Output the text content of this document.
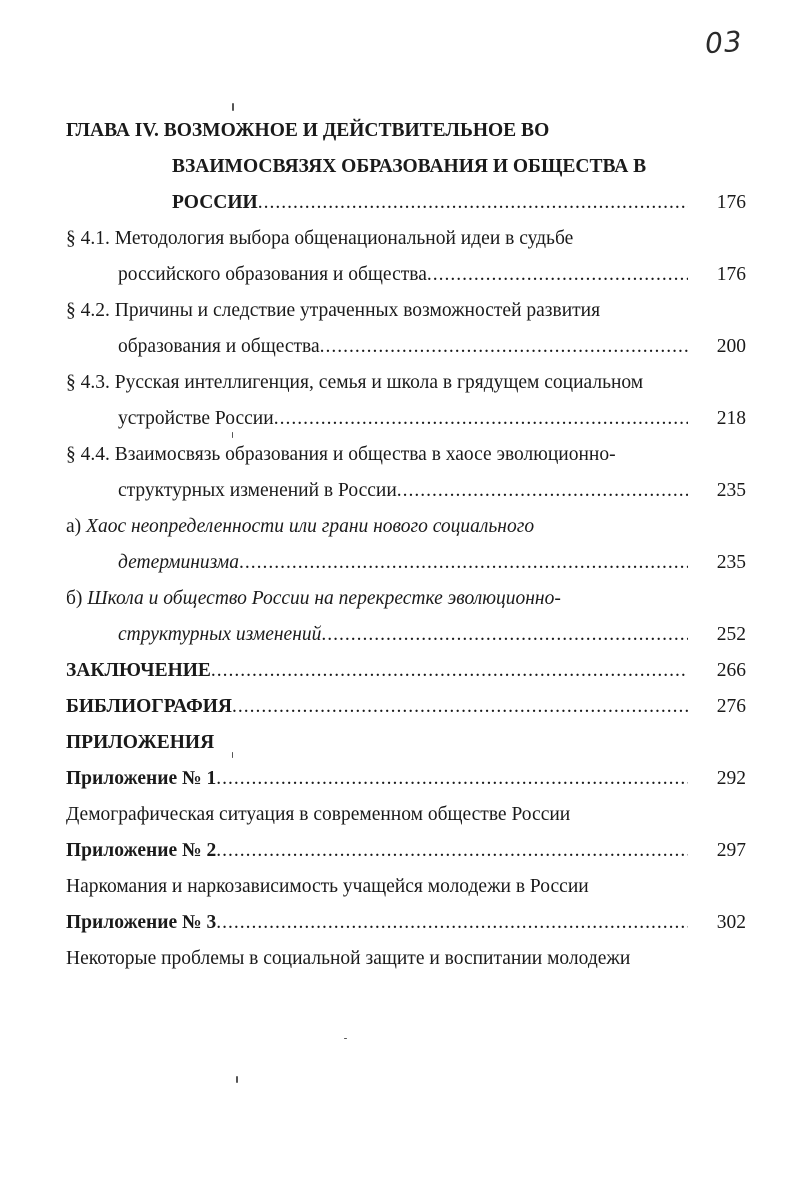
03
ГЛАВА IV. ВОЗМОЖНОЕ И ДЕЙСТВИТЕЛЬНОЕ ВО
ВЗАИМОСВЯЗЯХ ОБРАЗОВАНИЯ И ОБЩЕСТВА В
РОССИИ .....	176
§ 4.1. Методология выбора общенациональной идеи в судьбе
российского образования и общества .....	176
§ 4.2. Причины и следствие утраченных возможностей развития
образования и общества .....	200
§ 4.3. Русская интеллигенция, семья и школа в грядущем социальном
устройстве России .....	218
§ 4.4. Взаимосвязь образования и общества в хаосе эволюционно-
структурных изменений в России .....	235
а) Хаос неопределенности или грани нового социального
детерминизма .....	235
б) Школа и общество России на перекрестке эволюционно-
структурных изменений .....	252
ЗАКЛЮЧЕНИЕ .....	266
БИБЛИОГРАФИЯ .....	276
ПРИЛОЖЕНИЯ
Приложение № 1 .....	292
Демографическая ситуация в современном обществе России
Приложение № 2 .....	297
Наркомания и наркозависимость учащейся молодежи в России
Приложение № 3 .....	302
Некоторые проблемы в социальной защите и воспитании молодежи
